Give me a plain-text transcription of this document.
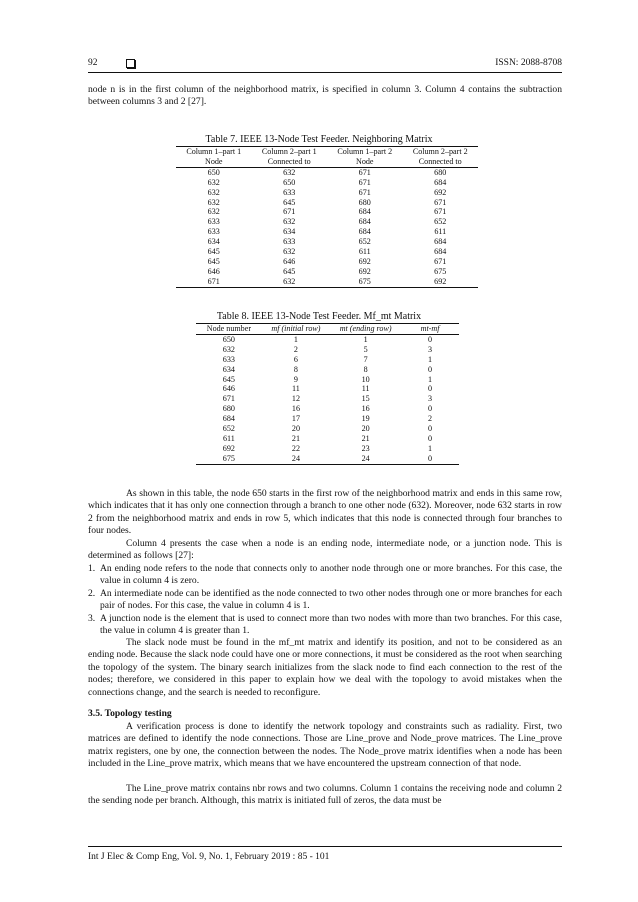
92	ISSN: 2088-8708
node n is in the first column of the neighborhood matrix, is specified in column 3. Column 4 contains the subtraction between columns 3 and 2 [27].
Table 7. IEEE 13-Node Test Feeder. Neighboring Matrix
Column 1–part 1	Column 2–part 1	Column 1–part 2	Column 2–part 2
Node	Connected to	Node	Connected to
650	632	671	680
632	650	671	684
632	633	671	692
632	645	680	671
632	671	684	671
633	632	684	652
633	634	684	611
634	633	652	684
645	632	611	684
645	646	692	671
646	645	692	675
671	632	675	692
Table 8. IEEE 13-Node Test Feeder. Mf_mt Matrix
Node number	mf (initial row)	mt (ending row)	mt-mf
650	1	1	0
632	2	5	3
633	6	7	1
634	8	8	0
645	9	10	1
646	11	11	0
671	12	15	3
680	16	16	0
684	17	19	2
652	20	20	0
611	21	21	0
692	22	23	1
675	24	24	0
As shown in this table, the node 650 starts in the first row of the neighborhood matrix and ends in this same row, which indicates that it has only one connection through a branch to one other node (632). Moreover, node 632 starts in row 2 from the neighborhood matrix and ends in row 5, which indicates that this node is connected through four branches to four nodes.
Column 4 presents the case when a node is an ending node, intermediate node, or a junction node. This is determined as follows [27]:
1. An ending node refers to the node that connects only to another node through one or more branches. For this case, the value in column 4 is zero.
2. An intermediate node can be identified as the node connected to two other nodes through one or more branches for each pair of nodes. For this case, the value in column 4 is 1.
3. A junction node is the element that is used to connect more than two nodes with more than two branches. For this case, the value in column 4 is greater than 1.
The slack node must be found in the mf_mt matrix and identify its position, and not to be considered as an ending node. Because the slack node could have one or more connections, it must be considered as the root when searching the topology of the system. The binary search initializes from the slack node to find each connection to the rest of the nodes; therefore, we considered in this paper to explain how we deal with the topology to avoid mistakes when the connections change, and the search is needed to reconfigure.
3.5. Topology testing
A verification process is done to identify the network topology and constraints such as radiality. First, two matrices are defined to identify the node connections. Those are Line_prove and Node_prove matrices. The Line_prove matrix registers, one by one, the connection between the nodes. The Node_prove matrix identifies when a node has been included in the Line_prove matrix, which means that we have encountered the upstream connection of that node.
The Line_prove matrix contains nbr rows and two columns. Column 1 contains the receiving node and column 2 the sending node per branch. Although, this matrix is initiated full of zeros, the data must be
Int J Elec & Comp Eng, Vol. 9, No. 1, February 2019 : 85 - 101
